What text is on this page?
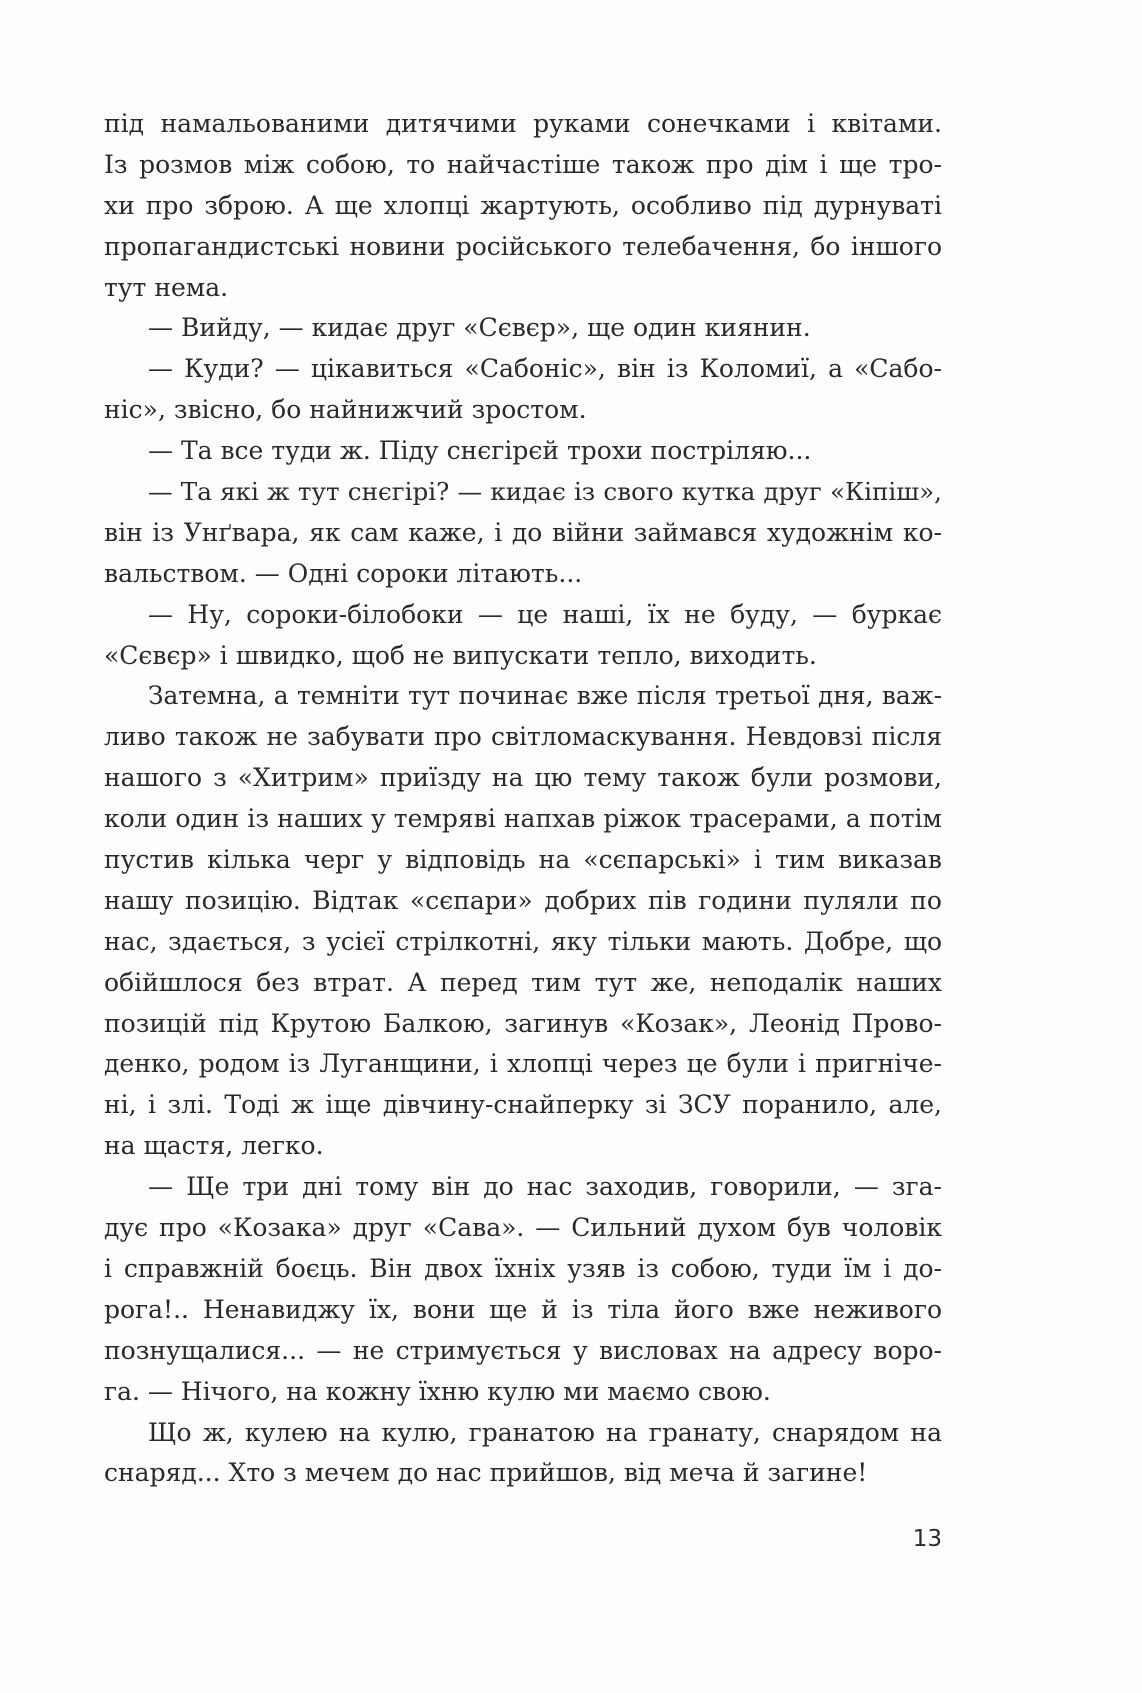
під намальованими дитячими руками сонечками і квітами.
Із розмов між собою, то найчастіше також про дім і ще тро-
хи про зброю. А ще хлопці жартують, особливо під дурнуваті
пропагандистські новини російського телебачення, бо іншого
тут нема.
— Вийду, — кидає друг «Сєвєр», ще один киянин.
— Куди? — цікавиться «Сабоніс», він із Коломиї, а «Сабо-
ніс», звісно, бо найнижчий зростом.
— Та все туди ж. Піду снєгірєй трохи постріляю...
— Та які ж тут снєгірі? — кидає із свого кутка друг «Кіпіш»,
він із Унґвара, як сам каже, і до війни займався художнім ко-
вальством. — Одні сороки літають...
— Ну, сороки-білобоки — це наші, їх не буду, — буркає
«Сєвєр» і швидко, щоб не випускати тепло, виходить.
Затемна, а темніти тут починає вже після третьої дня, важ-
ливо також не забувати про світломаскування. Невдовзі після
нашого з «Хитрим» приїзду на цю тему також були розмови,
коли один із наших у темряві напхав ріжок трасерами, а потім
пустив кілька черг у відповідь на «сєпарські» і тим виказав
нашу позицію. Відтак «сєпари» добрих пів години пуляли по
нас, здається, з усієї стрілкотні, яку тільки мають. Добре, що
обійшлося без втрат. А перед тим тут же, неподалік наших
позицій під Крутою Балкою, загинув «Козак», Леонід Прово-
денко, родом із Луганщини, і хлопці через це були і пригніче-
ні, і злі. Тоді ж іще дівчину-снайперку зі ЗСУ поранило, але,
на щастя, легко.
— Ще три дні тому він до нас заходив, говорили, — зга-
дує про «Козака» друг «Сава». — Сильний духом був чоловік
і справжній боєць. Він двох їхніх узяв із собою, туди їм і до-
рога!.. Ненавиджу їх, вони ще й із тіла його вже неживого
познущалися... — не стримується у висловах на адресу воро-
га. — Нічого, на кожну їхню кулю ми маємо свою.
Що ж, кулею на кулю, гранатою на гранату, снарядом на
снаряд... Хто з мечем до нас прийшов, від меча й загине!
13
